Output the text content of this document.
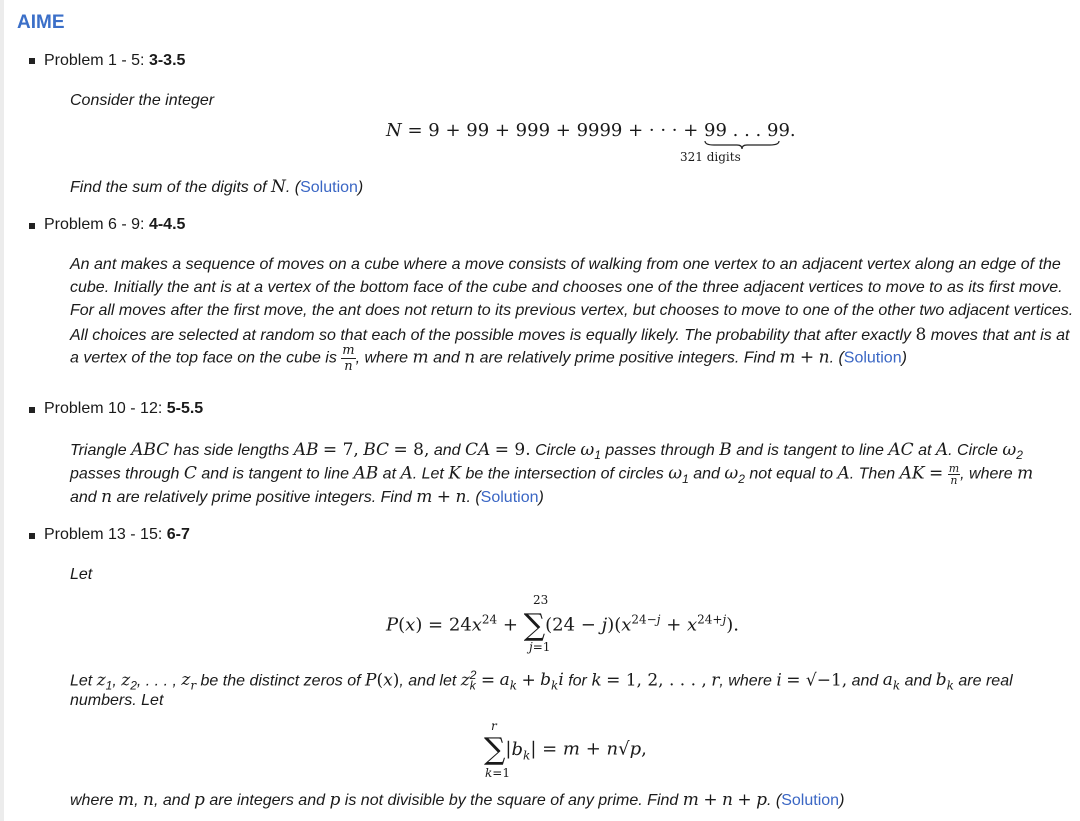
AIME
Problem 1 - 5: 3-3.5
Consider the integer
N = 9 + 99 + 999 + 9999 + · · · + 99 . . . 99
.
321 digits
Find the sum of the digits of N. (Solution)
Problem 6 - 9: 4-4.5
An ant makes a sequence of moves on a cube where a move consists of walking from one vertex to an adjacent vertex along an edge of the
cube. Initially the ant is at a vertex of the bottom face of the cube and chooses one of the three adjacent vertices to move to as its first move.
For all moves after the first move, the ant does not return to its previous vertex, but chooses to move to one of the other two adjacent vertices.
All choices are selected at random so that each of the possible moves is equally likely. The probability that after exactly 8 moves that ant is at
a vertex of the top face on the cube is $\frac{m}{n}$ , where m and n are relatively prime positive integers. Find m + n. (Solution)
Problem 10 - 12: 5-5.5
Triangle ABC has side lengths AB = 7, BC = 8, and CA = 9. Circle $\omega_1$ passes through B and is tangent to line AC at A. Circle $\omega_2$
passes through C and is tangent to line AB at A. Let K be the intersection of circles $\omega_1$ and $\omega_2$ not equal to A. Then AK = $\frac{m}{n}$ , where m
and n are relatively prime positive integers. Find m + n. (Solution)
Problem 13 - 15: 6-7
Let
23
$P(x) = 24x^{24} + \sum(24 - j)(x^{24-j} + x^{24+j})$.
j=1
Let $z_1$, $z_2$, . . . , $z_r$ be the distinct zeros of P(x), and let $z_k^2 = a_k + b_ki$ for k = 1, 2, . . . , r, where i = √−1, and $a_k$ and $b_k$ are real
numbers. Let
r
$\sum|b_k| = m + n√p$,
k=1
where m, n, and p are integers and p is not divisible by the square of any prime. Find m + n + p. (Solution)
